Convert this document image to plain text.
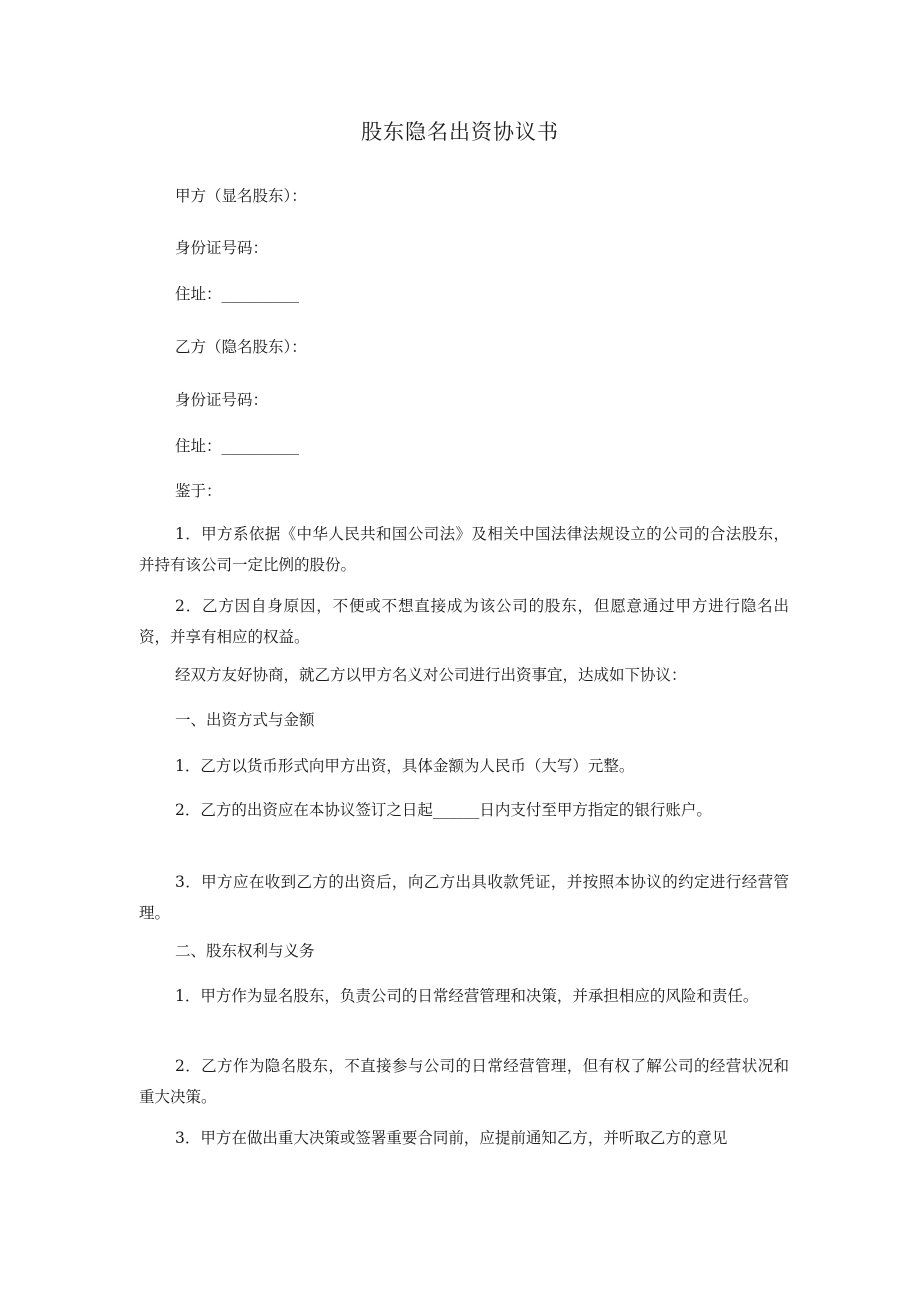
股东隐名出资协议书
甲方（显名股东）：
身份证号码：
住址：__________
乙方（隐名股东）：
身份证号码：
住址：__________
鉴于：
1．甲方系依据《中华人民共和国公司法》及相关中国法律法规设立的公司的合法股东，并持有该公司一定比例的股份。
2．乙方因自身原因，不便或不想直接成为该公司的股东，但愿意通过甲方进行隐名出资，并享有相应的权益。
经双方友好协商，就乙方以甲方名义对公司进行出资事宜，达成如下协议：
一、出资方式与金额
1．乙方以货币形式向甲方出资，具体金额为人民币（大写）元整。
2．乙方的出资应在本协议签订之日起______日内支付至甲方指定的银行账户。
3．甲方应在收到乙方的出资后，向乙方出具收款凭证，并按照本协议的约定进行经营管理。
二、股东权利与义务
1．甲方作为显名股东，负责公司的日常经营管理和决策，并承担相应的风险和责任。
2．乙方作为隐名股东，不直接参与公司的日常经营管理，但有权了解公司的经营状况和重大决策。
3．甲方在做出重大决策或签署重要合同前，应提前通知乙方，并听取乙方的意见
